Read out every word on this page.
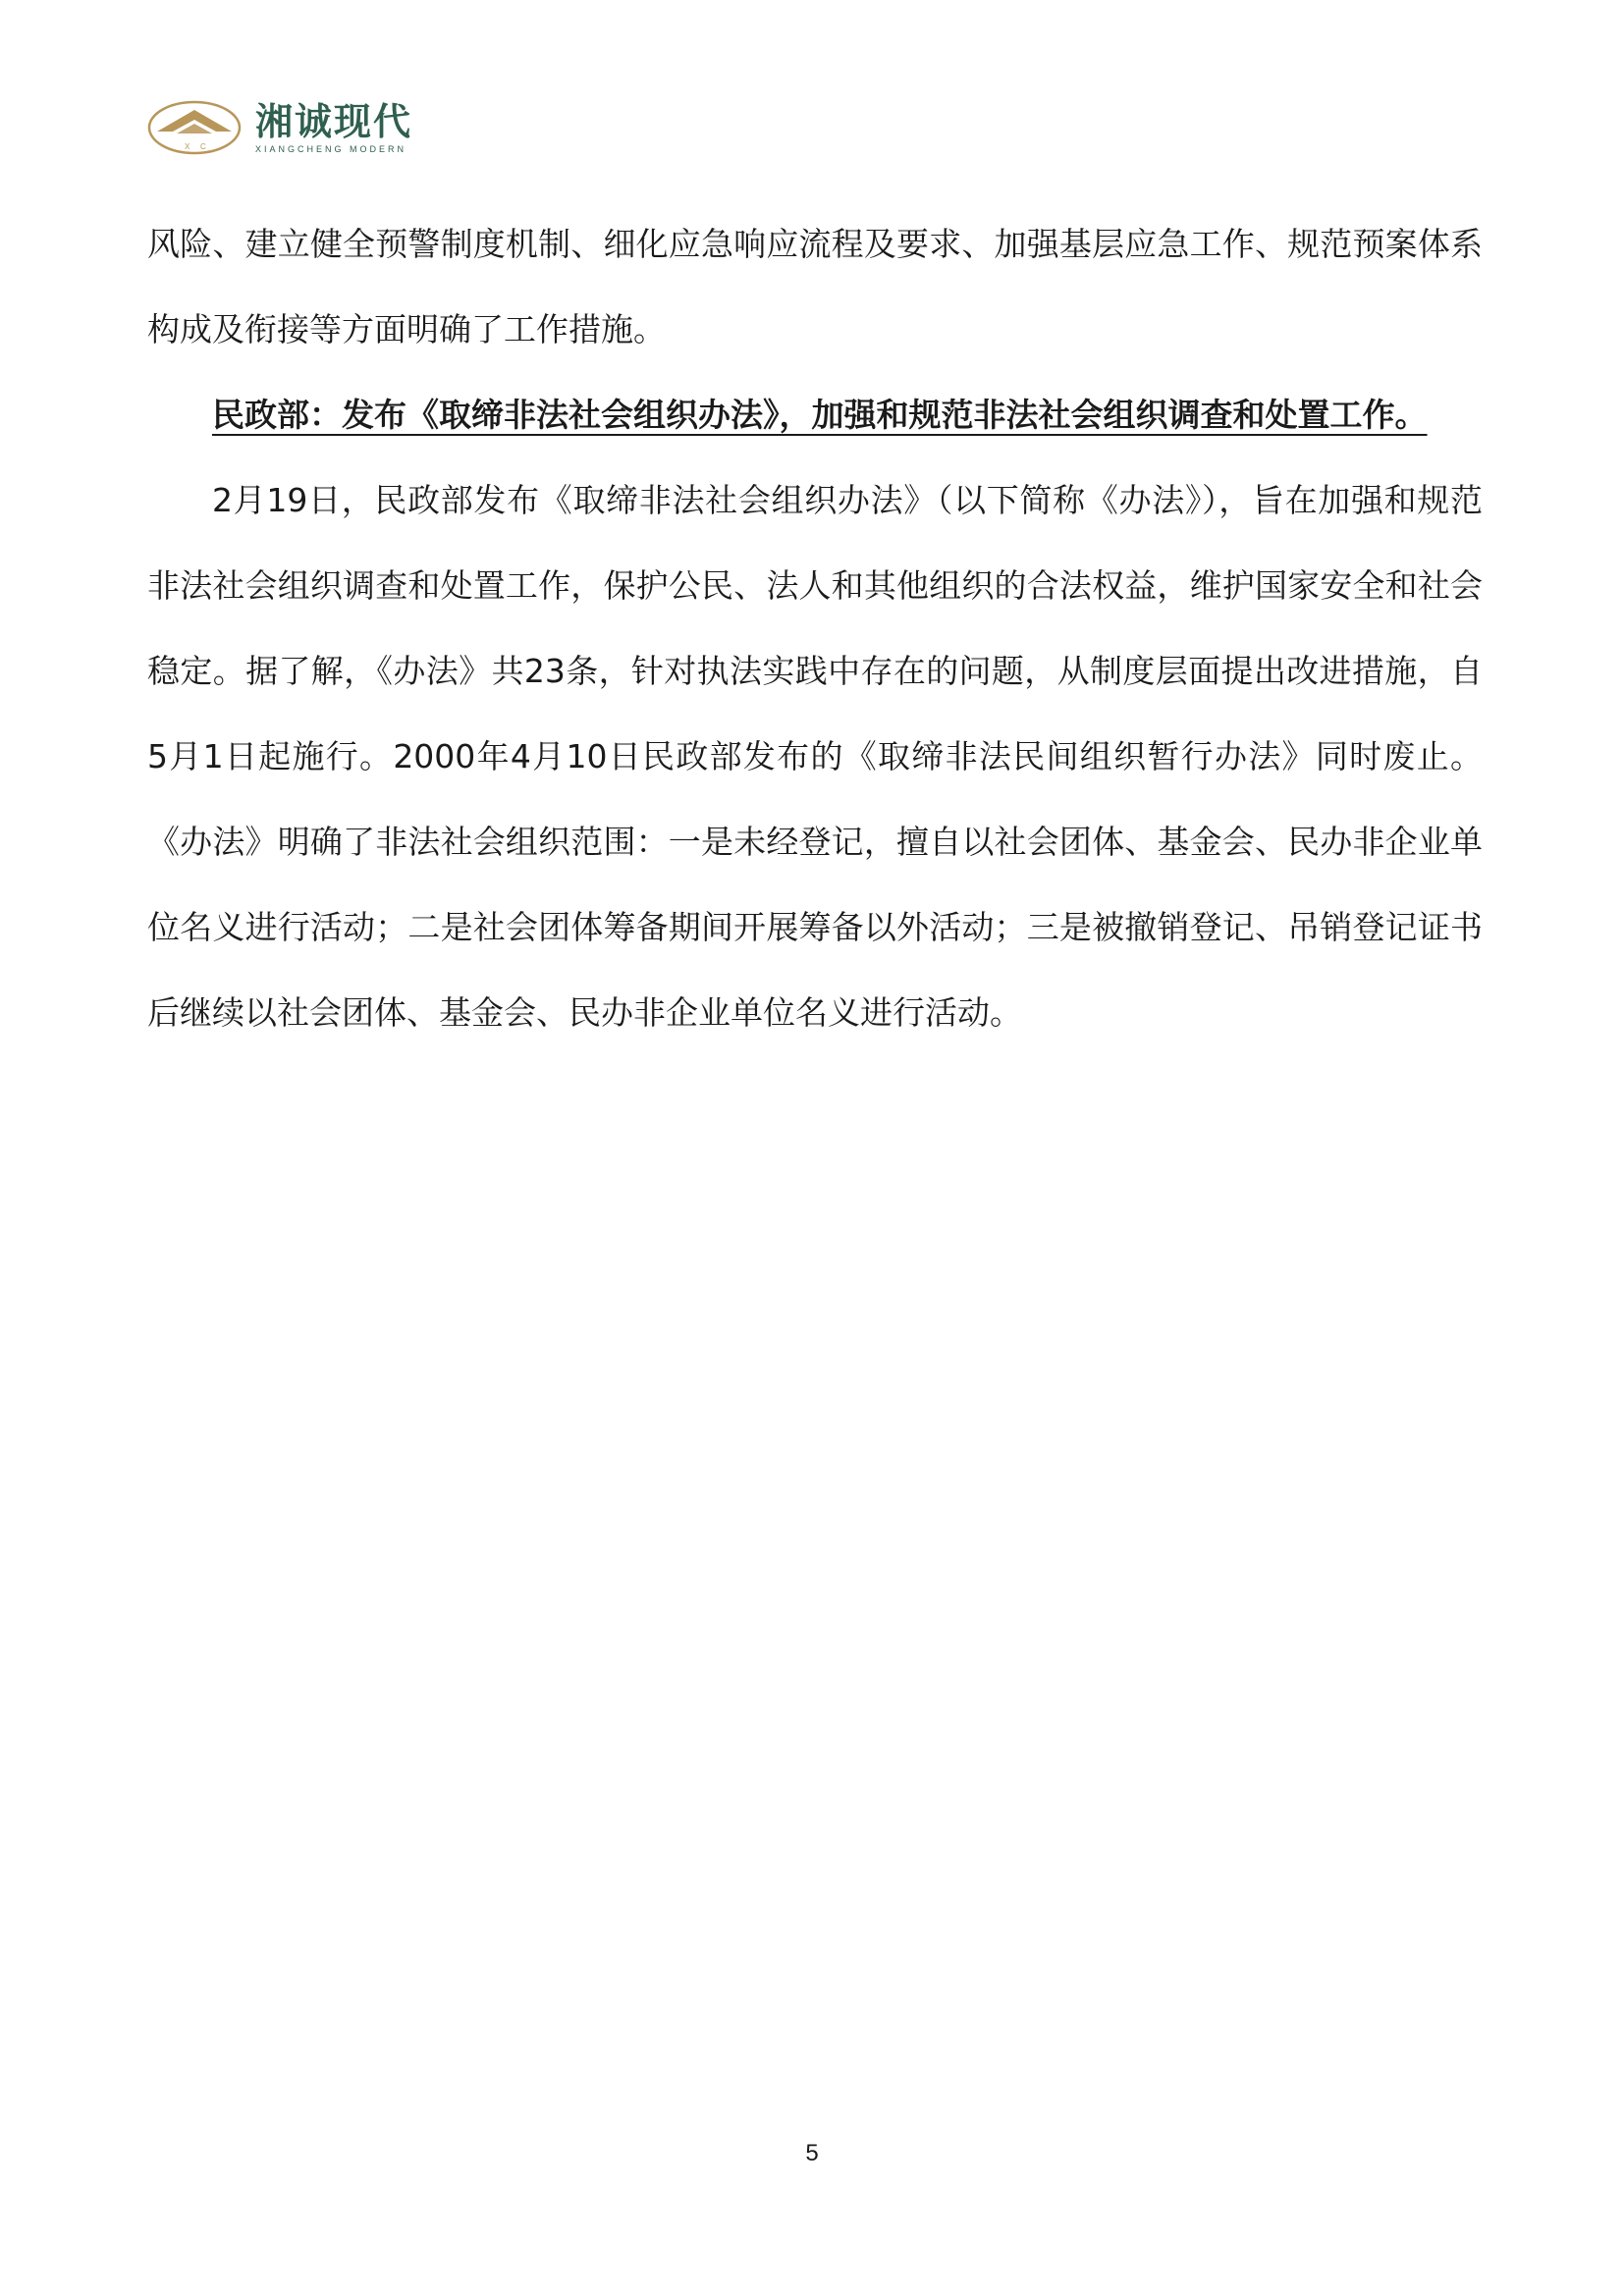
X C
湘诚现代
XIANGCHENG MODERN

风险、建立健全预警制度机制、细化应急响应流程及要求、加强基层应急工作、规范预案体系构成及衔接等方面明确了工作措施。

民政部：发布《取缔非法社会组织办法》，加强和规范非法社会组织调查和处置工作。

2月19日，民政部发布《取缔非法社会组织办法》（以下简称《办法》），旨在加强和规范非法社会组织调查和处置工作，保护公民、法人和其他组织的合法权益，维护国家安全和社会稳定。据了解，《办法》共23条，针对执法实践中存在的问题，从制度层面提出改进措施，自5月1日起施行。2000年4月10日民政部发布的《取缔非法民间组织暂行办法》同时废止。《办法》明确了非法社会组织范围：一是未经登记，擅自以社会团体、基金会、民办非企业单位名义进行活动；二是社会团体筹备期间开展筹备以外活动；三是被撤销登记、吊销登记证书后继续以社会团体、基金会、民办非企业单位名义进行活动。

5
